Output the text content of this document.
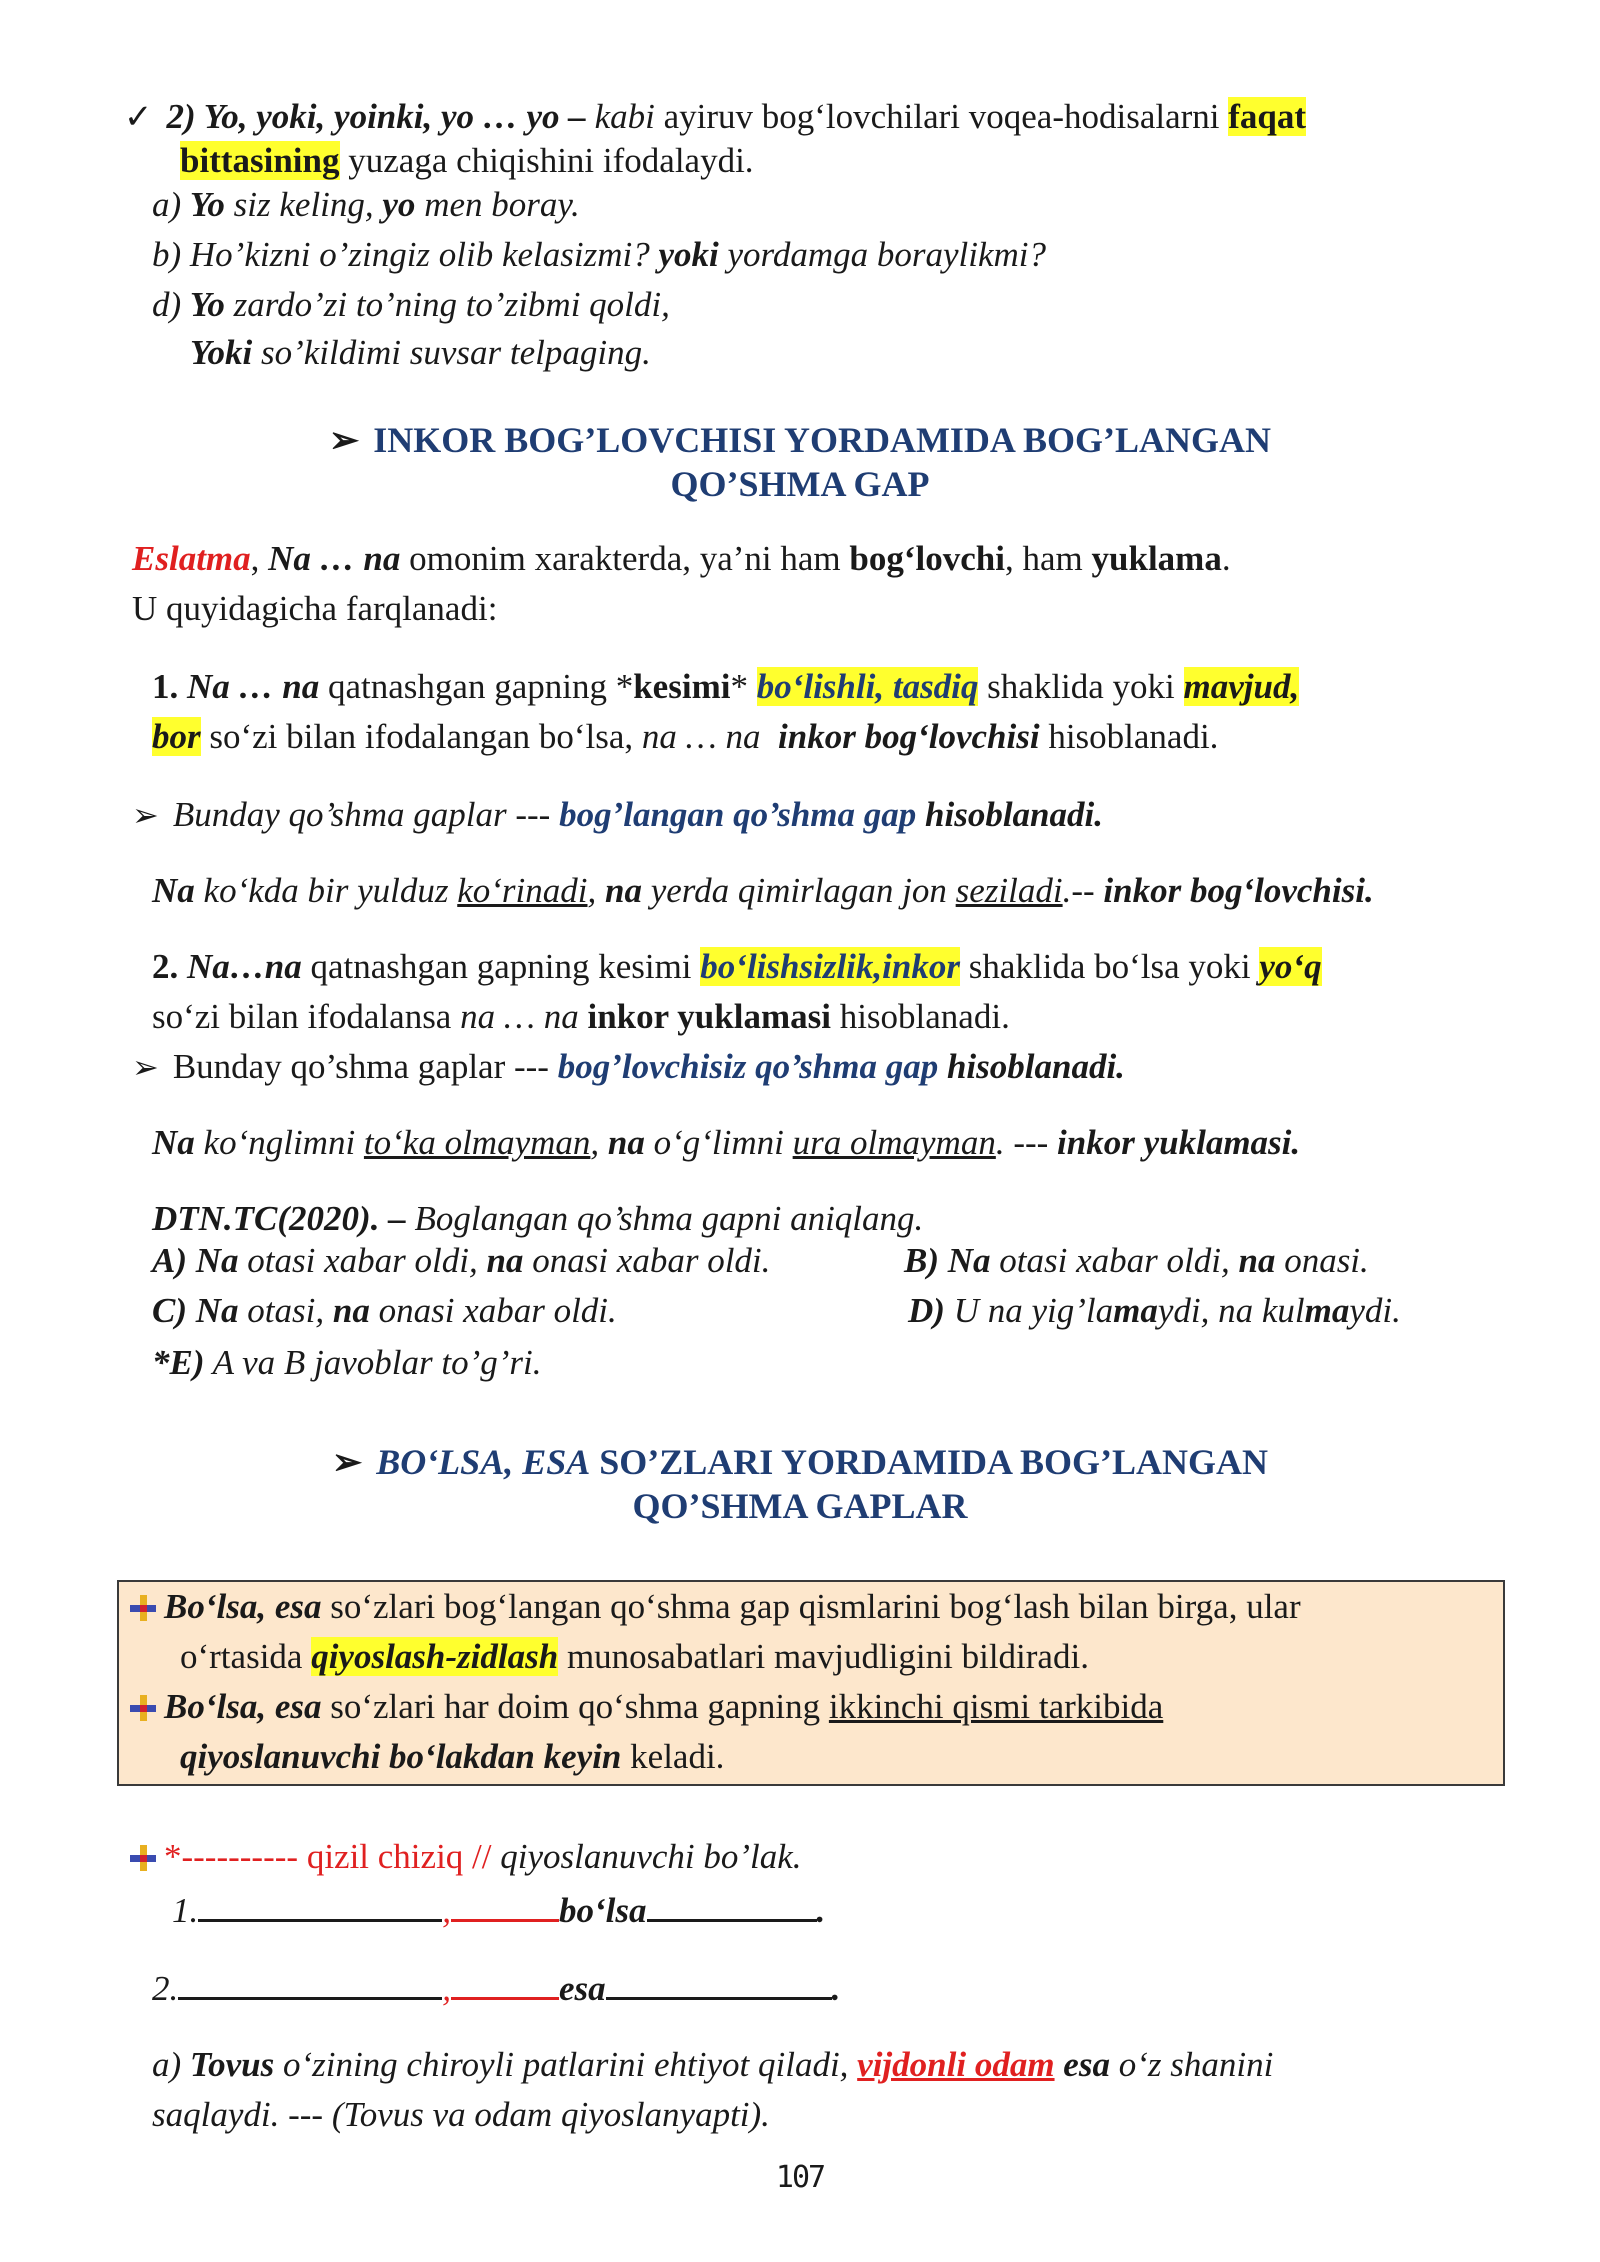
✓ 2) Yo, yoki, yoinki, yo … yo – kabi ayiruv bog‘lovchilari voqea-hodisalarni faqat
bittasining yuzaga chiqishini ifodalaydi.
a) Yo siz keling, yo men boray.
b) Ho’kizni o’zingiz olib kelasizmi? yoki yordamga boraylikmi?
d) Yo zardo’zi to’ning to’zibmi qoldi,
Yoki so’kildimi suvsar telpaging.
➢ INKOR BOG’LOVCHISI YORDAMIDA BOG’LANGAN
QO’SHMA GAP
Eslatma, Na … na omonim xarakterda, ya’ni ham bog‘lovchi, ham yuklama.
U quyidagicha farqlanadi:
1. Na … na qatnashgan gapning *kesimi* bo‘lishli, tasdiq shaklida yoki mavjud,
bor so‘zi bilan ifodalangan bo‘lsa, na … na inkor bog‘lovchisi hisoblanadi.
➢ Bunday qo’shma gaplar --- bog’langan qo’shma gap hisoblanadi.
Na ko‘kda bir yulduz ko‘rinadi, na yerda qimirlagan jon seziladi.-- inkor bog‘lovchisi.
2. Na…na qatnashgan gapning kesimi bo‘lishsizlik,inkor shaklida bo‘lsa yoki yo‘q
so‘zi bilan ifodalansa na … na inkor yuklamasi hisoblanadi.
➢ Bunday qo’shma gaplar --- bog’lovchisiz qo’shma gap hisoblanadi.
Na ko‘nglimni to‘ka olmayman, na o‘g‘limni ura olmayman. --- inkor yuklamasi.
DTN.TC(2020). – Boglangan qo’shma gapni aniqlang.
A) Na otasi xabar oldi, na onasi xabar oldi.	B) Na otasi xabar oldi, na onasi.
C) Na otasi, na onasi xabar oldi.	D) U na yig’lamaydi, na kulmaydi.
*E) A va B javoblar to’g’ri.
➢ BO‘LSA, ESA SO’ZLARI YORDAMIDA BOG’LANGAN
QO’SHMA GAPLAR
Bo‘lsa, esa so‘zlari bog‘langan qo‘shma gap qismlarini bog‘lash bilan birga, ular
o‘rtasida qiyoslash-zidlash munosabatlari mavjudligini bildiradi.
Bo‘lsa, esa so‘zlari har doim qo‘shma gapning ikkinchi qismi tarkibida
qiyoslanuvchi bo‘lakdan keyin keladi.
*---------- qizil chiziq // qiyoslanuvchi bo’lak.
1.	,	bo‘lsa	.
2.	,	esa	.
a) Tovus o‘zining chiroyli patlarini ehtiyot qiladi, vijdonli odam esa o‘z shanini
saqlaydi. --- (Tovus va odam qiyoslanyapti).
107
